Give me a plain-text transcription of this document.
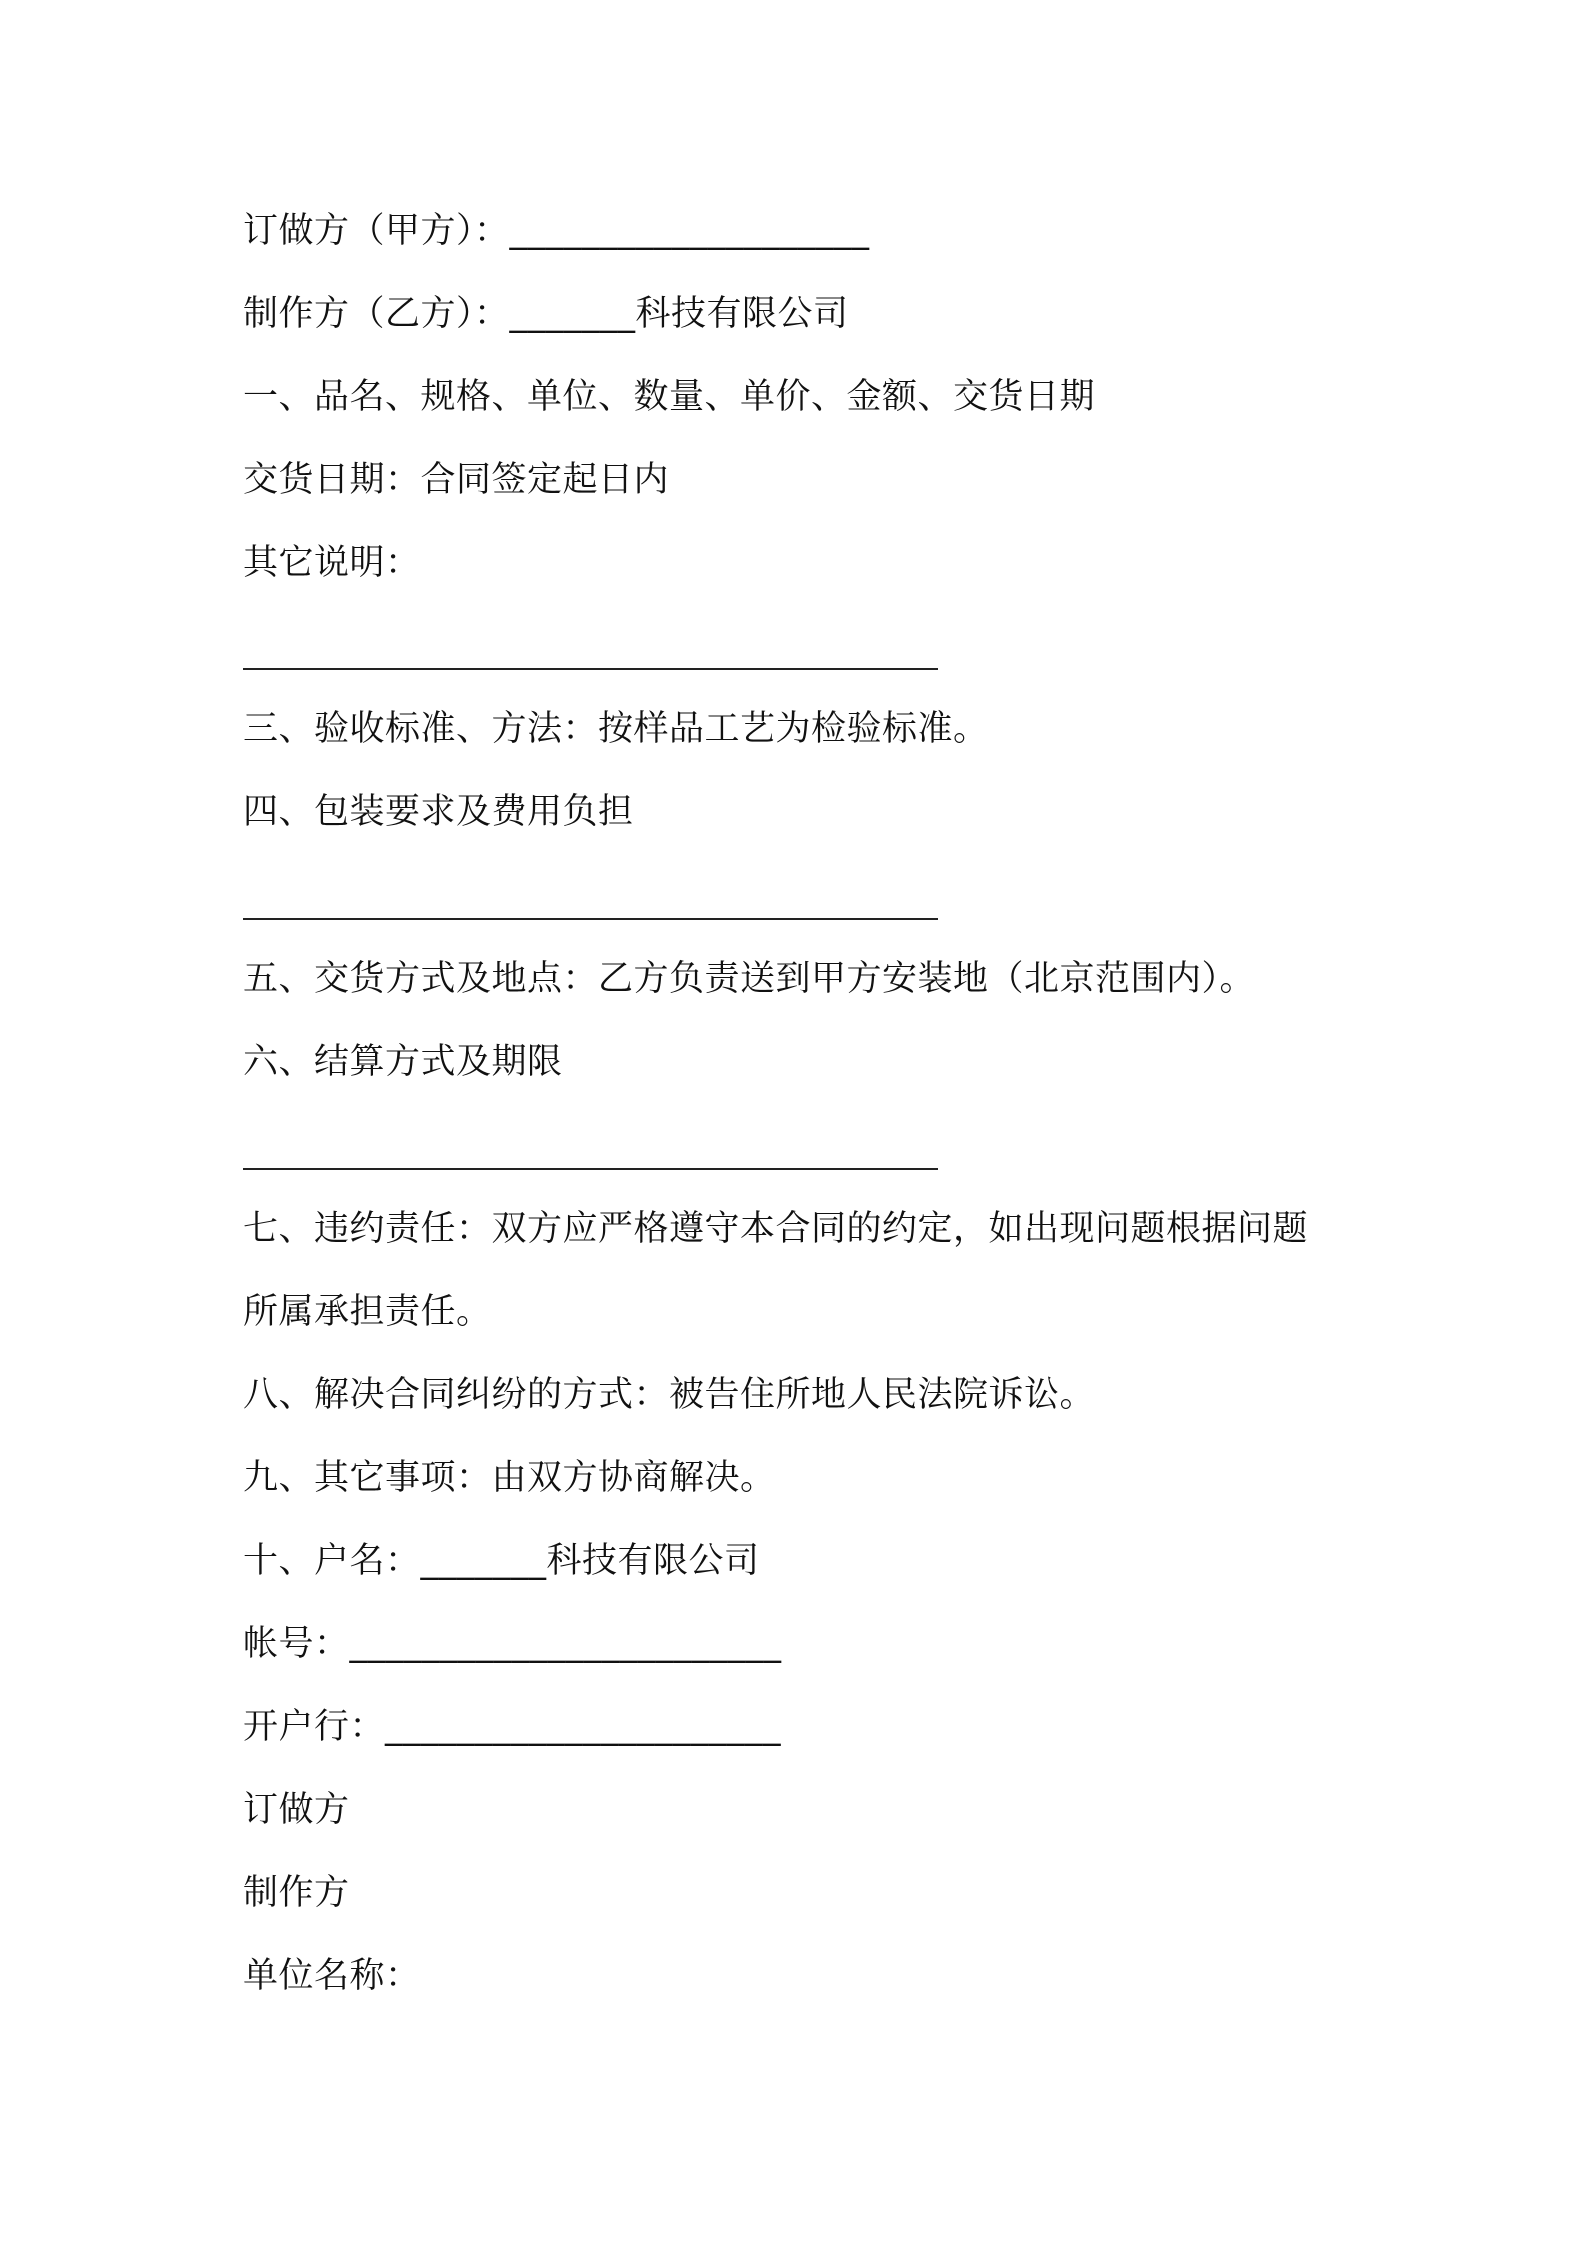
订做方（甲方）：____________________
制作方（乙方）：_______科技有限公司
一、品名、规格、单位、数量、单价、金额、交货日期
交货日期：合同签定起日内
其它说明：
三、验收标准、方法：按样品工艺为检验标准。
四、包装要求及费用负担
五、交货方式及地点：乙方负责送到甲方安装地（北京范围内）。
六、结算方式及期限
七、违约责任：双方应严格遵守本合同的约定，如出现问题根据问题
所属承担责任。
八、解决合同纠纷的方式：被告住所地人民法院诉讼。
九、其它事项：由双方协商解决。
十、户名：_______科技有限公司
帐号：________________________
开户行：______________________
订做方
制作方
单位名称：
